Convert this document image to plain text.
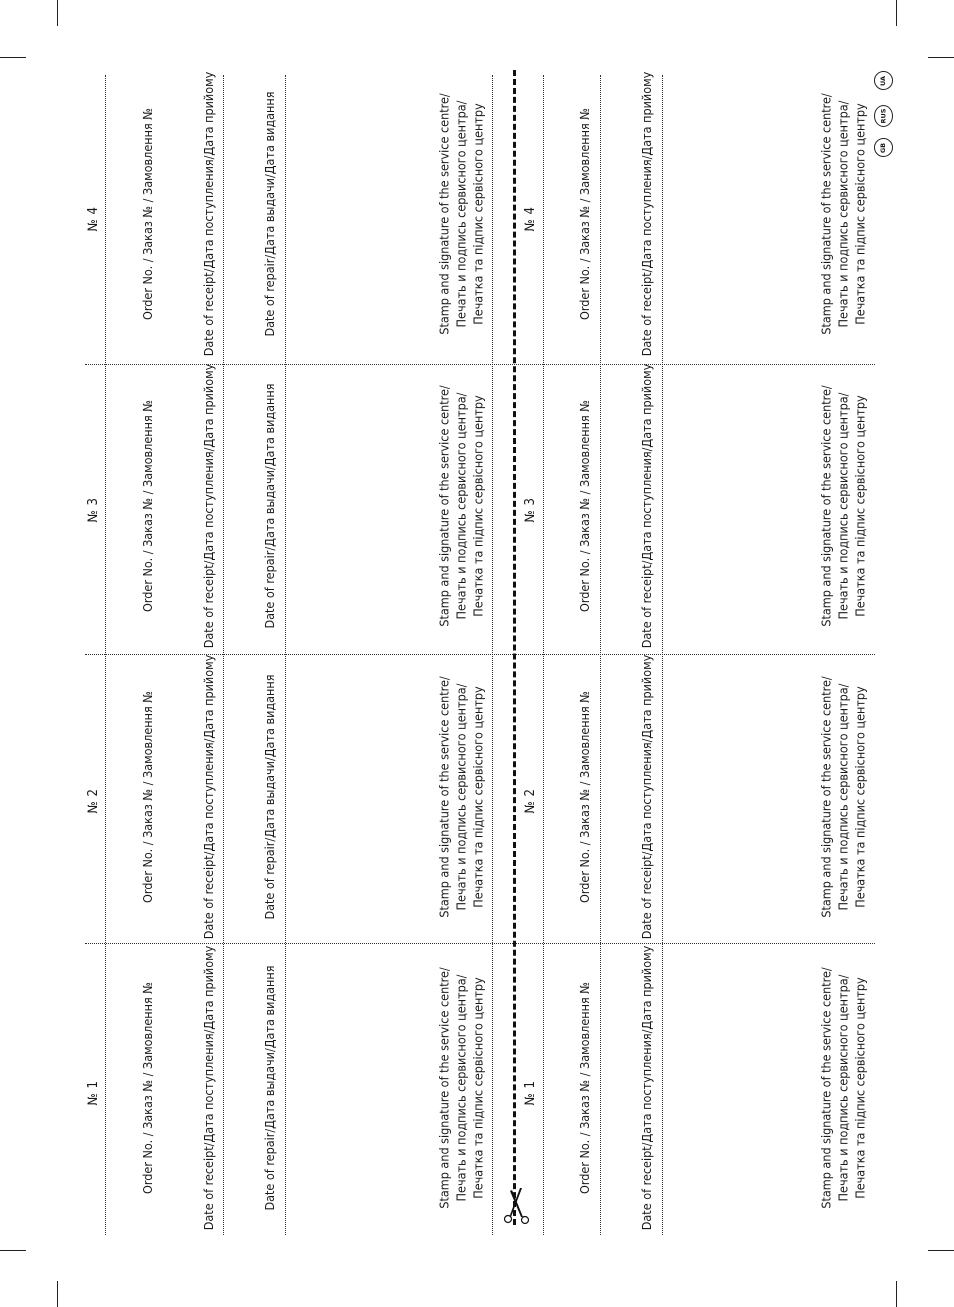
№ 1
№ 2
№ 3
№ 4
Order No. / Заказ № / Замовлення №
Order No. / Заказ № / Замовлення №
Order No. / Заказ № / Замовлення №
Order No. / Заказ № / Замовлення №
Date of receipt/Дата поступления/Дата прийому
Date of receipt/Дата поступления/Дата прийому
Date of receipt/Дата поступления/Дата прийому
Date of receipt/Дата поступления/Дата прийому
Date of repair/Дата выдачи/Дата видання
Date of repair/Дата выдачи/Дата видання
Date of repair/Дата выдачи/Дата видання
Date of repair/Дата выдачи/Дата видання
Stamp and signature of the service centre/ Печать и подпись сервисного центра/ Печатка та підпис сервісного центру
Stamp and signature of the service centre/ Печать и подпись сервисного центра/ Печатка та підпис сервісного центру
Stamp and signature of the service centre/ Печать и подпись сервисного центра/ Печатка та підпис сервісного центру
Stamp and signature of the service centre/ Печать и подпись сервисного центра/ Печатка та підпис сервісного центру
№ 1
№ 2
№ 3
№ 4
Order No. / Заказ № / Замовлення №
Order No. / Заказ № / Замовлення №
Order No. / Заказ № / Замовлення №
Order No. / Заказ № / Замовлення №
Date of receipt/Дата поступления/Дата прийому
Date of receipt/Дата поступления/Дата прийому
Date of receipt/Дата поступления/Дата прийому
Date of receipt/Дата поступления/Дата прийому
Stamp and signature of the service centre/ Печать и подпись сервисного центра/ Печатка та підпис сервісного центру
Stamp and signature of the service centre/ Печать и подпись сервисного центра/ Печатка та підпис сервісного центру
Stamp and signature of the service centre/ Печать и подпись сервисного центра/ Печатка та підпис сервісного центру
Stamp and signature of the service centre/ Печать и подпись сервисного центра/ Печатка та підпис сервісного центру GB
RUS
UA
